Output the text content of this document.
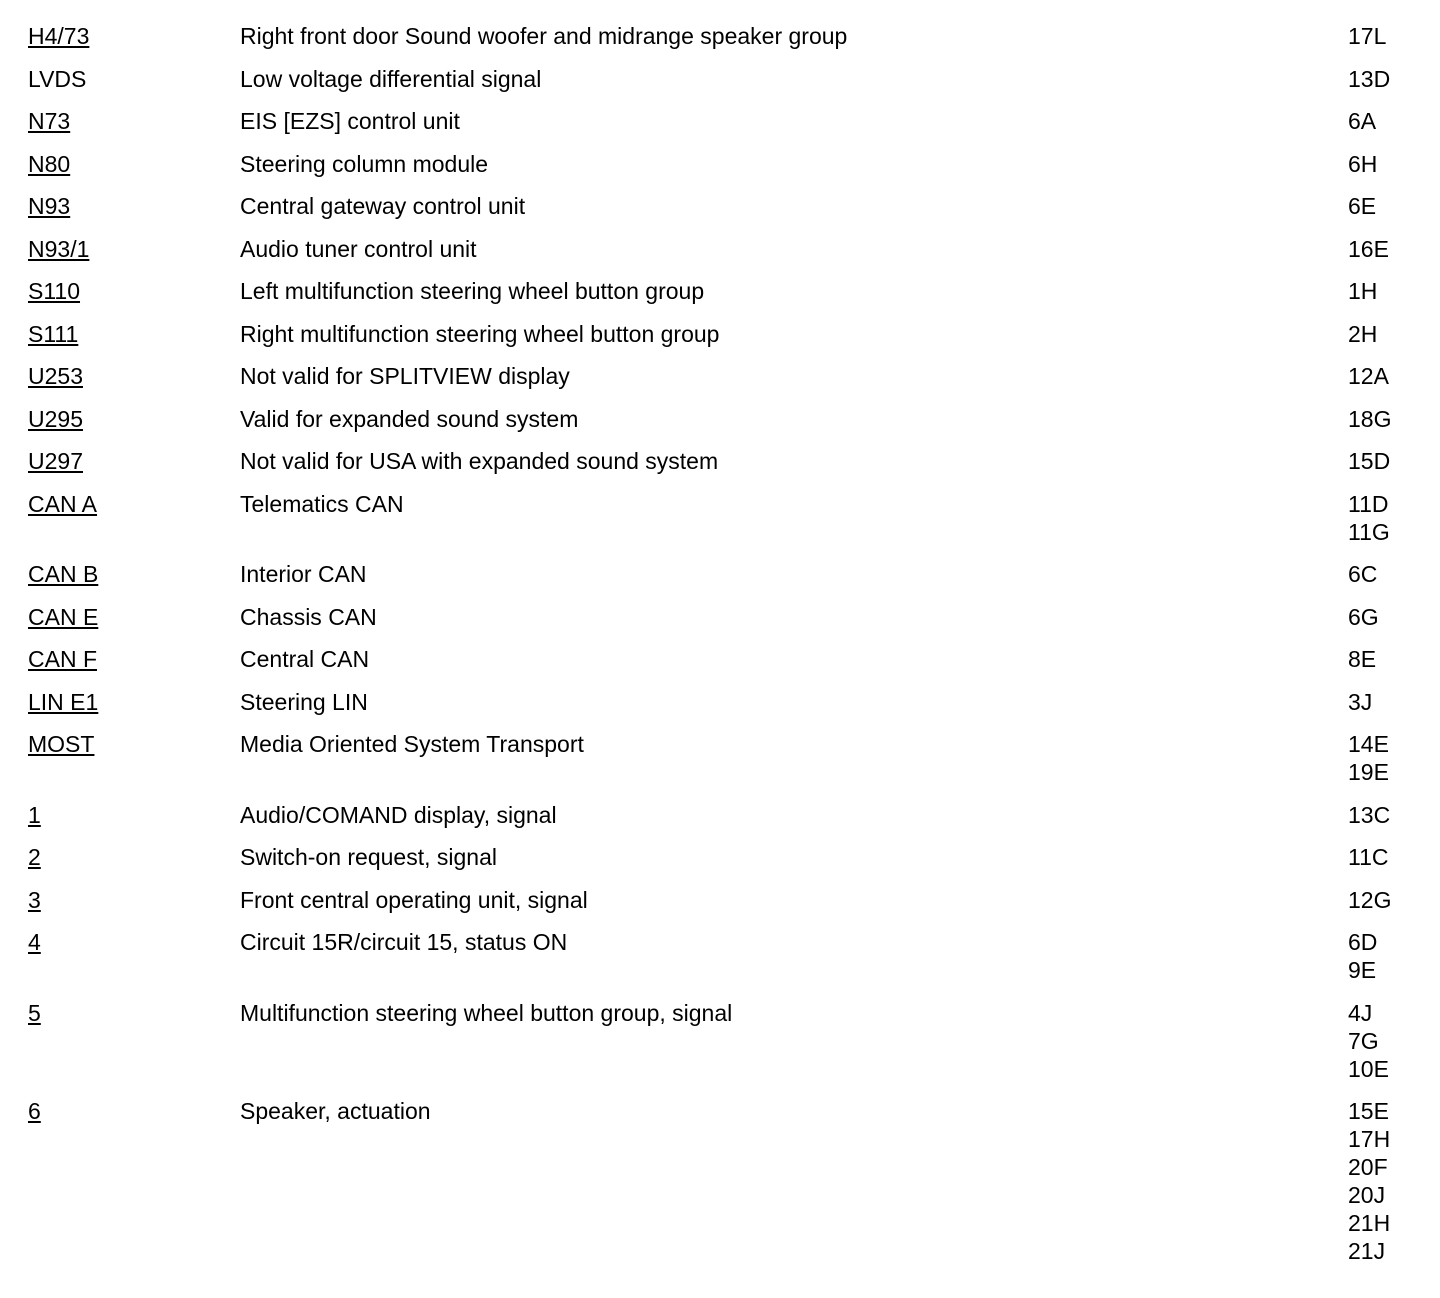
H4/73	Right front door Sound woofer and midrange speaker group	17L
LVDS	Low voltage differential signal	13D
N73	EIS [EZS] control unit	6A
N80	Steering column module	6H
N93	Central gateway control unit	6E
N93/1	Audio tuner control unit	16E
S110	Left multifunction steering wheel button group	1H
S111	Right multifunction steering wheel button group	2H
U253	Not valid for SPLITVIEW display	12A
U295	Valid for expanded sound system	18G
U297	Not valid for USA with expanded sound system	15D
CAN A	Telematics CAN	11D
11G
CAN B	Interior CAN	6C
CAN E	Chassis CAN	6G
CAN F	Central CAN	8E
LIN E1	Steering LIN	3J
MOST	Media Oriented System Transport	14E
19E
1	Audio/COMAND display, signal	13C
2	Switch-on request, signal	11C
3	Front central operating unit, signal	12G
4	Circuit 15R/circuit 15, status ON	6D
9E
5	Multifunction steering wheel button group, signal	4J
7G
10E
6	Speaker, actuation	15E
17H
20F
20J
21H
21J
